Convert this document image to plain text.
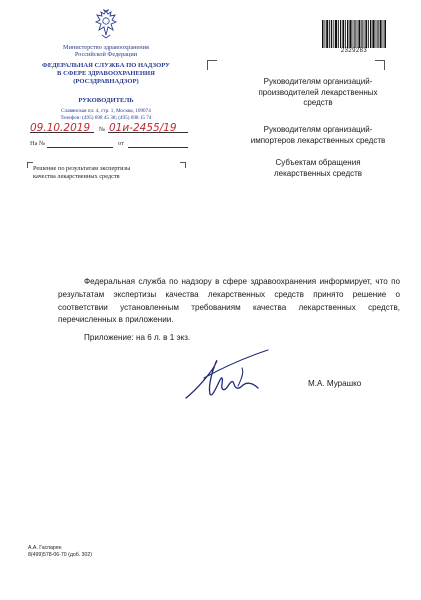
Министерство здравоохранения
Российской Федерации
ФЕДЕРАЛЬНАЯ СЛУЖБА ПО НАДЗОРУ
В СФЕРЕ ЗДРАВООХРАНЕНИЯ
(РОСЗДРАВНАДЗОР)
РУКОВОДИТЕЛЬ
Славянская пл. 4, стр. 1, Москва, 109074
Телефон: (495) 698 45 38; (495) 698 15 74
09.10.2019 № 01и-2455/19
На №	от
Решение по результатам экспертизы
качества лекарственных средств
2329283
Руководителям организаций-
производителей лекарственных
средств
Руководителям организаций-
импортеров лекарственных средств
Субъектам обращения
лекарственных средств
Федеральная служба по надзору в сфере здравоохранения информирует, что по результатам экспертизы качества лекарственных средств принято решение о соответствии установленным требованиям качества лекарственных средств, перечисленных в приложении.
Приложение: на 6 л. в 1 экз.
М.А. Мурашко
А.А. Гаспарян
8(499)578-06-70 (доб. 302)
